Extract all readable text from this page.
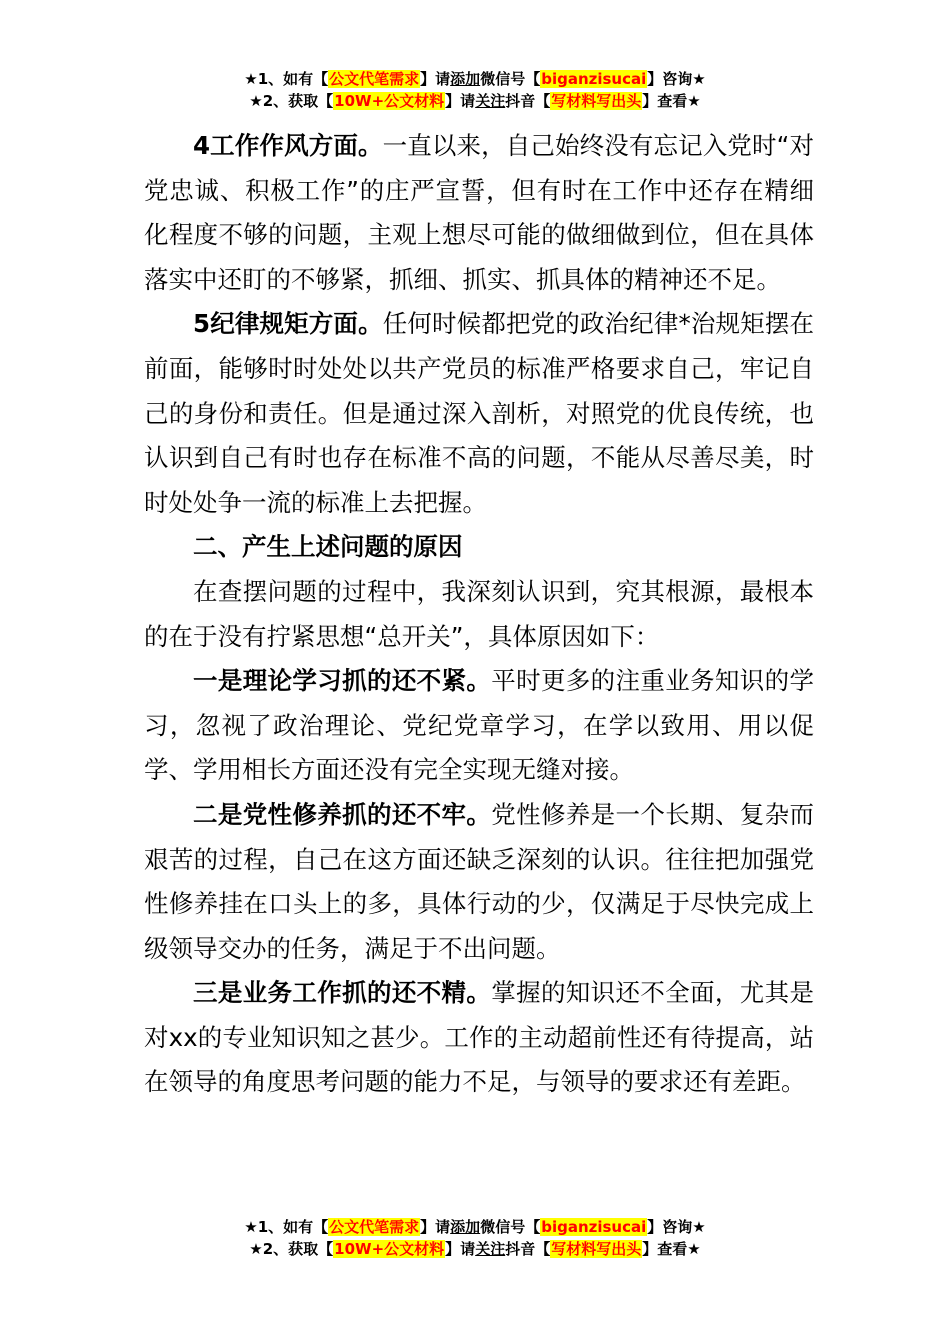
★1、如有【公文代笔需求】请添加微信号【biganzisucai】咨询★
★2、获取【10W+公文材料】请关注抖音【写材料写出头】查看★

4工作作风方面。一直以来，自己始终没有忘记入党时“对党忠诚、积极工作”的庄严宣誓，但有时在工作中还存在精细化程度不够的问题，主观上想尽可能的做细做到位，但在具体落实中还盯的不够紧，抓细、抓实、抓具体的精神还不足。

5纪律规矩方面。任何时候都把党的政治纪律*治规矩摆在前面，能够时时处处以共产党员的标准严格要求自己，牢记自己的身份和责任。但是通过深入剖析，对照党的优良传统，也认识到自己有时也存在标准不高的问题，不能从尽善尽美，时时处处争一流的标准上去把握。

二、产生上述问题的原因

在查摆问题的过程中，我深刻认识到，究其根源，最根本的在于没有拧紧思想“总开关”，具体原因如下：

一是理论学习抓的还不紧。平时更多的注重业务知识的学习，忽视了政治理论、党纪党章学习，在学以致用、用以促学、学用相长方面还没有完全实现无缝对接。

二是党性修养抓的还不牢。党性修养是一个长期、复杂而艰苦的过程，自己在这方面还缺乏深刻的认识。往往把加强党性修养挂在口头上的多，具体行动的少，仅满足于尽快完成上级领导交办的任务，满足于不出问题。

三是业务工作抓的还不精。掌握的知识还不全面，尤其是对xx的专业知识知之甚少。工作的主动超前性还有待提高，站在领导的角度思考问题的能力不足，与领导的要求还有差距。

★1、如有【公文代笔需求】请添加微信号【biganzisucai】咨询★
★2、获取【10W+公文材料】请关注抖音【写材料写出头】查看★
